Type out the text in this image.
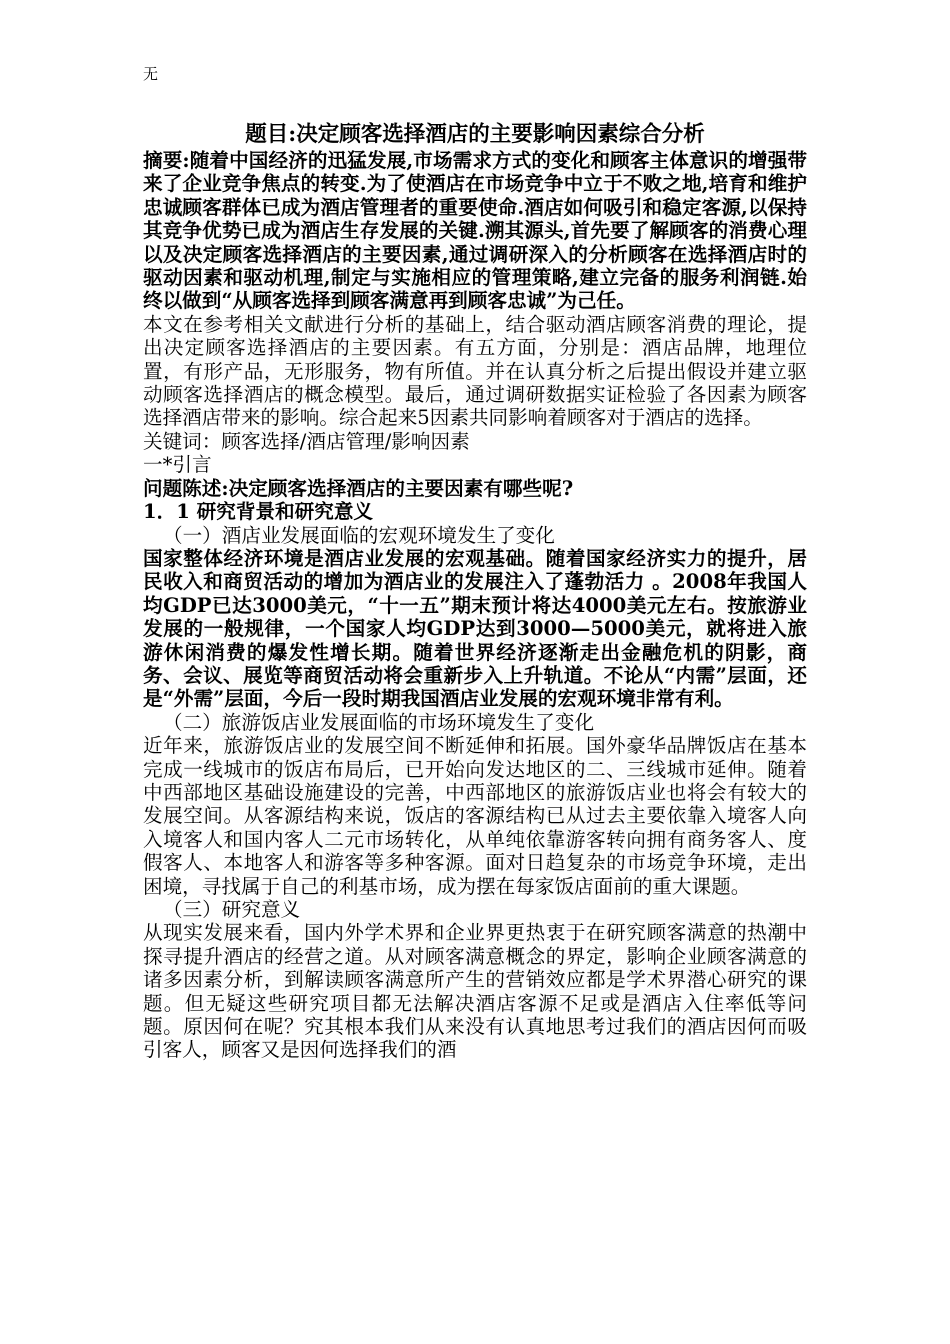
无
题目:决定顾客选择酒店的主要影响因素综合分析

摘要:随着中国经济的迅猛发展,市场需求方式的变化和顾客主体意识的增强带来了企业竞争焦点的转变.为了使酒店在市场竞争中立于不败之地,培育和维护忠诚顾客群体已成为酒店管理者的重要使命.酒店如何吸引和稳定客源,以保持其竞争优势已成为酒店生存发展的关键.溯其源头,首先要了解顾客的消费心理以及决定顾客选择酒店的主要因素,通过调研深入的分析顾客在选择酒店时的驱动因素和驱动机理,制定与实施相应的管理策略,建立完备的服务利润链.始终以做到“从顾客选择到顾客满意再到顾客忠诚”为己任。

本文在参考相关文献进行分析的基础上，结合驱动酒店顾客消费的理论，提出决定顾客选择酒店的主要因素。有五方面，分别是：酒店品牌，地理位置，有形产品，无形服务，物有所值。并在认真分析之后提出假设并建立驱动顾客选择酒店的概念模型。最后，通过调研数据实证检验了各因素为顾客选择酒店带来的影响。综合起来5因素共同影响着顾客对于酒店的选择。

关键词：顾客选择/酒店管理/影响因素

一*引言

问题陈述:决定顾客选择酒店的主要因素有哪些呢?

1．1 研究背景和研究意义

（一）酒店业发展面临的宏观环境发生了变化

国家整体经济环境是酒店业发展的宏观基础。随着国家经济实力的提升，居民收入和商贸活动的增加为酒店业的发展注入了蓬勃活力 。2008年我国人均GDP已达3000美元，“十一五”期末预计将达4000美元左右。按旅游业发展的一般规律，一个国家人均GDP达到3000—5000美元，就将进入旅游休闲消费的爆发性增长期。随着世界经济逐渐走出金融危机的阴影，商务、会议、展览等商贸活动将会重新步入上升轨道。不论从“内需”层面，还是“外需”层面，今后一段时期我国酒店业发展的宏观环境非常有利。

（二）旅游饭店业发展面临的市场环境发生了变化

近年来，旅游饭店业的发展空间不断延伸和拓展。国外豪华品牌饭店在基本完成一线城市的饭店布局后，已开始向发达地区的二、三线城市延伸。随着中西部地区基础设施建设的完善，中西部地区的旅游饭店业也将会有较大的发展空间。从客源结构来说，饭店的客源结构已从过去主要依靠入境客人向入境客人和国内客人二元市场转化，从单纯依靠游客转向拥有商务客人、度假客人、本地客人和游客等多种客源。面对日趋复杂的市场竞争环境，走出困境，寻找属于自己的利基市场，成为摆在每家饭店面前的重大课题。

（三）研究意义

从现实发展来看，国内外学术界和企业界更热衷于在研究顾客满意的热潮中探寻提升酒店的经营之道。从对顾客满意概念的界定，影响企业顾客满意的诸多因素分析，到解读顾客满意所产生的营销效应都是学术界潜心研究的课题。但无疑这些研究项目都无法解决酒店客源不足或是酒店入住率低等问题。原因何在呢？究其根本我们从来没有认真地思考过我们的酒店因何而吸引客人，顾客又是因何选择我们的酒
